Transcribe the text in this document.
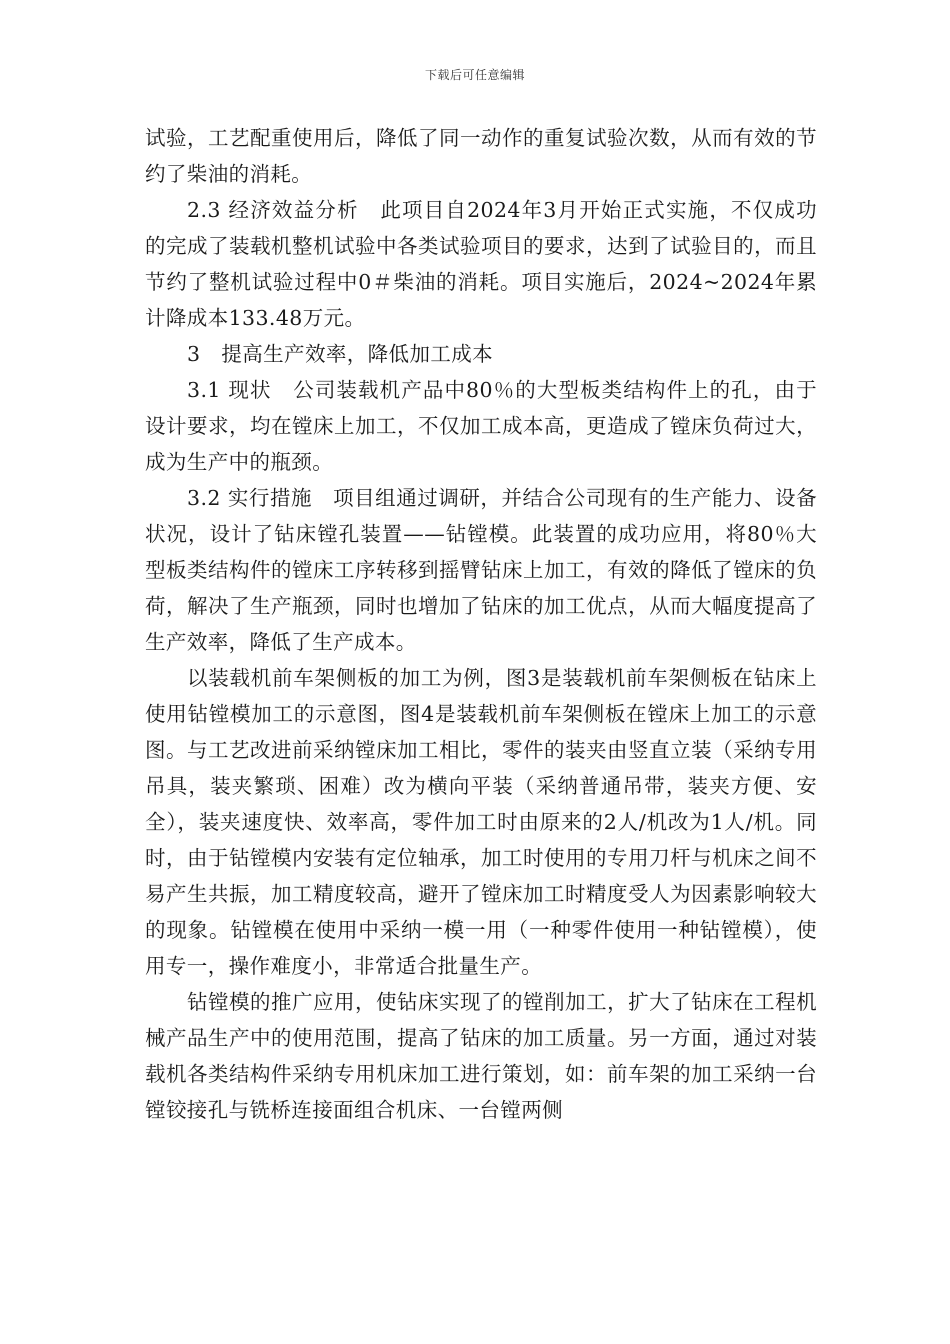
下载后可任意编辑

试验，工艺配重使用后，降低了同一动作的重复试验次数，从而有效的节约了柴油的消耗。

2.3 经济效益分析　此项目自2024年3月开始正式实施，不仅成功的完成了装载机整机试验中各类试验项目的要求，达到了试验目的，而且节约了整机试验过程中0＃柴油的消耗。项目实施后，2024~2024年累计降成本133.48万元。

3　提高生产效率，降低加工成本

3.1 现状　公司装载机产品中80％的大型板类结构件上的孔，由于设计要求，均在镗床上加工，不仅加工成本高，更造成了镗床负荷过大，成为生产中的瓶颈。

3.2 实行措施　项目组通过调研，并结合公司现有的生产能力、设备状况，设计了钻床镗孔装置——钻镗模。此装置的成功应用，将80％大型板类结构件的镗床工序转移到摇臂钻床上加工，有效的降低了镗床的负荷，解决了生产瓶颈，同时也增加了钻床的加工优点，从而大幅度提高了生产效率，降低了生产成本。

以装载机前车架侧板的加工为例，图3是装载机前车架侧板在钻床上使用钻镗模加工的示意图，图4是装载机前车架侧板在镗床上加工的示意图。与工艺改进前采纳镗床加工相比，零件的装夹由竖直立装（采纳专用吊具，装夹繁琐、困难）改为横向平装（采纳普通吊带，装夹方便、安全），装夹速度快、效率高，零件加工时由原来的2人/机改为1人/机。同时，由于钻镗模内安装有定位轴承，加工时使用的专用刀杆与机床之间不易产生共振，加工精度较高，避开了镗床加工时精度受人为因素影响较大的现象。钻镗模在使用中采纳一模一用（一种零件使用一种钻镗模），使用专一，操作难度小，非常适合批量生产。

钻镗模的推广应用，使钻床实现了的镗削加工，扩大了钻床在工程机械产品生产中的使用范围，提高了钻床的加工质量。另一方面，通过对装载机各类结构件采纳专用机床加工进行策划，如：前车架的加工采纳一台镗铰接孔与铣桥连接面组合机床、一台镗两侧
